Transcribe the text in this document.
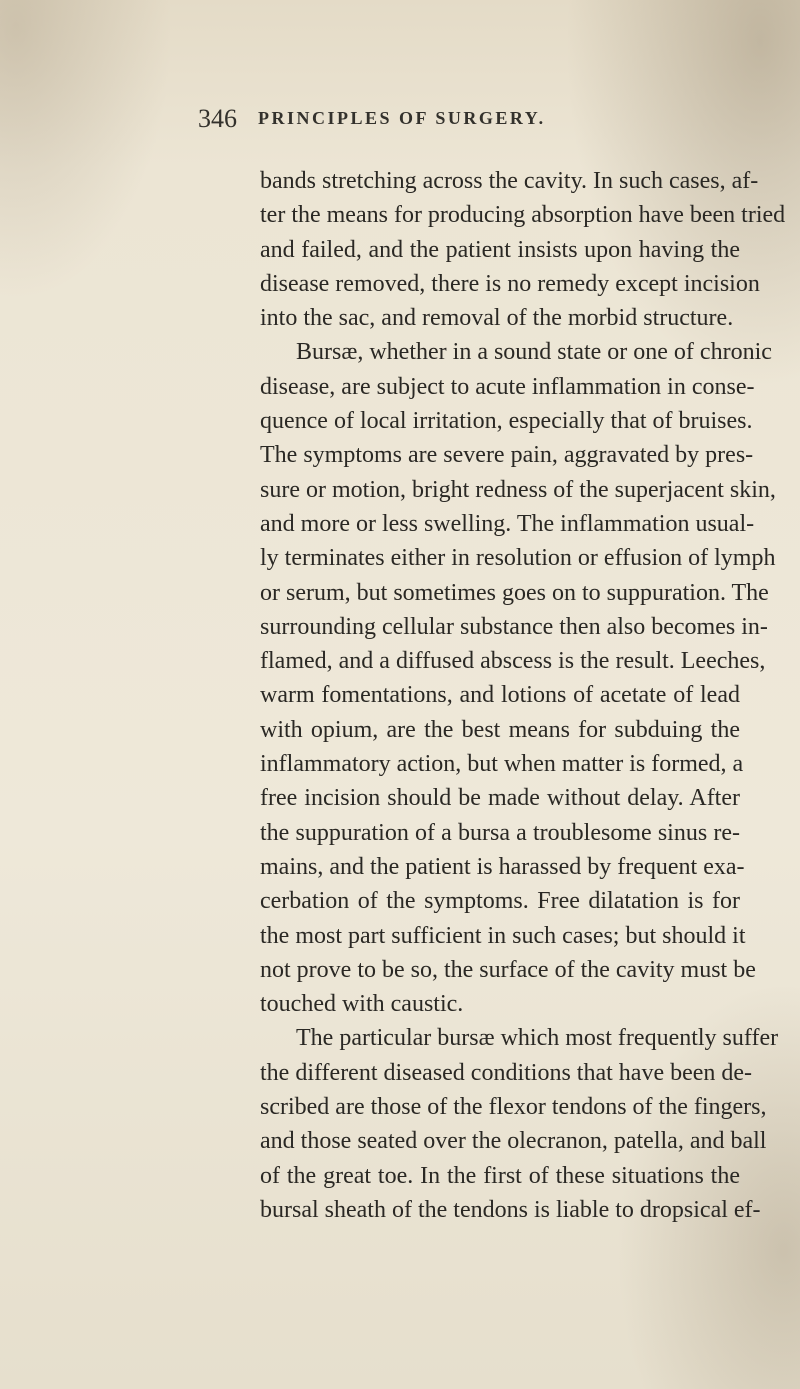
346 PRINCIPLES OF SURGERY.
bands stretching across the cavity. In such cases, af-
ter the means for producing absorption have been tried
and failed, and the patient insists upon having the
disease removed, there is no remedy except incision
into the sac, and removal of the morbid structure.
Bursæ, whether in a sound state or one of chronic
disease, are subject to acute inflammation in conse-
quence of local irritation, especially that of bruises.
The symptoms are severe pain, aggravated by pres-
sure or motion, bright redness of the superjacent skin,
and more or less swelling. The inflammation usual-
ly terminates either in resolution or effusion of lymph
or serum, but sometimes goes on to suppuration. The
surrounding cellular substance then also becomes in-
flamed, and a diffused abscess is the result. Leeches,
warm fomentations, and lotions of acetate of lead
with opium, are the best means for subduing the
inflammatory action, but when matter is formed, a
free incision should be made without delay. After
the suppuration of a bursa a troublesome sinus re-
mains, and the patient is harassed by frequent exa-
cerbation of the symptoms. Free dilatation is for
the most part sufficient in such cases; but should it
not prove to be so, the surface of the cavity must be
touched with caustic.
The particular bursæ which most frequently suffer
the different diseased conditions that have been de-
scribed are those of the flexor tendons of the fingers,
and those seated over the olecranon, patella, and ball
of the great toe. In the first of these situations the
bursal sheath of the tendons is liable to dropsical ef-
